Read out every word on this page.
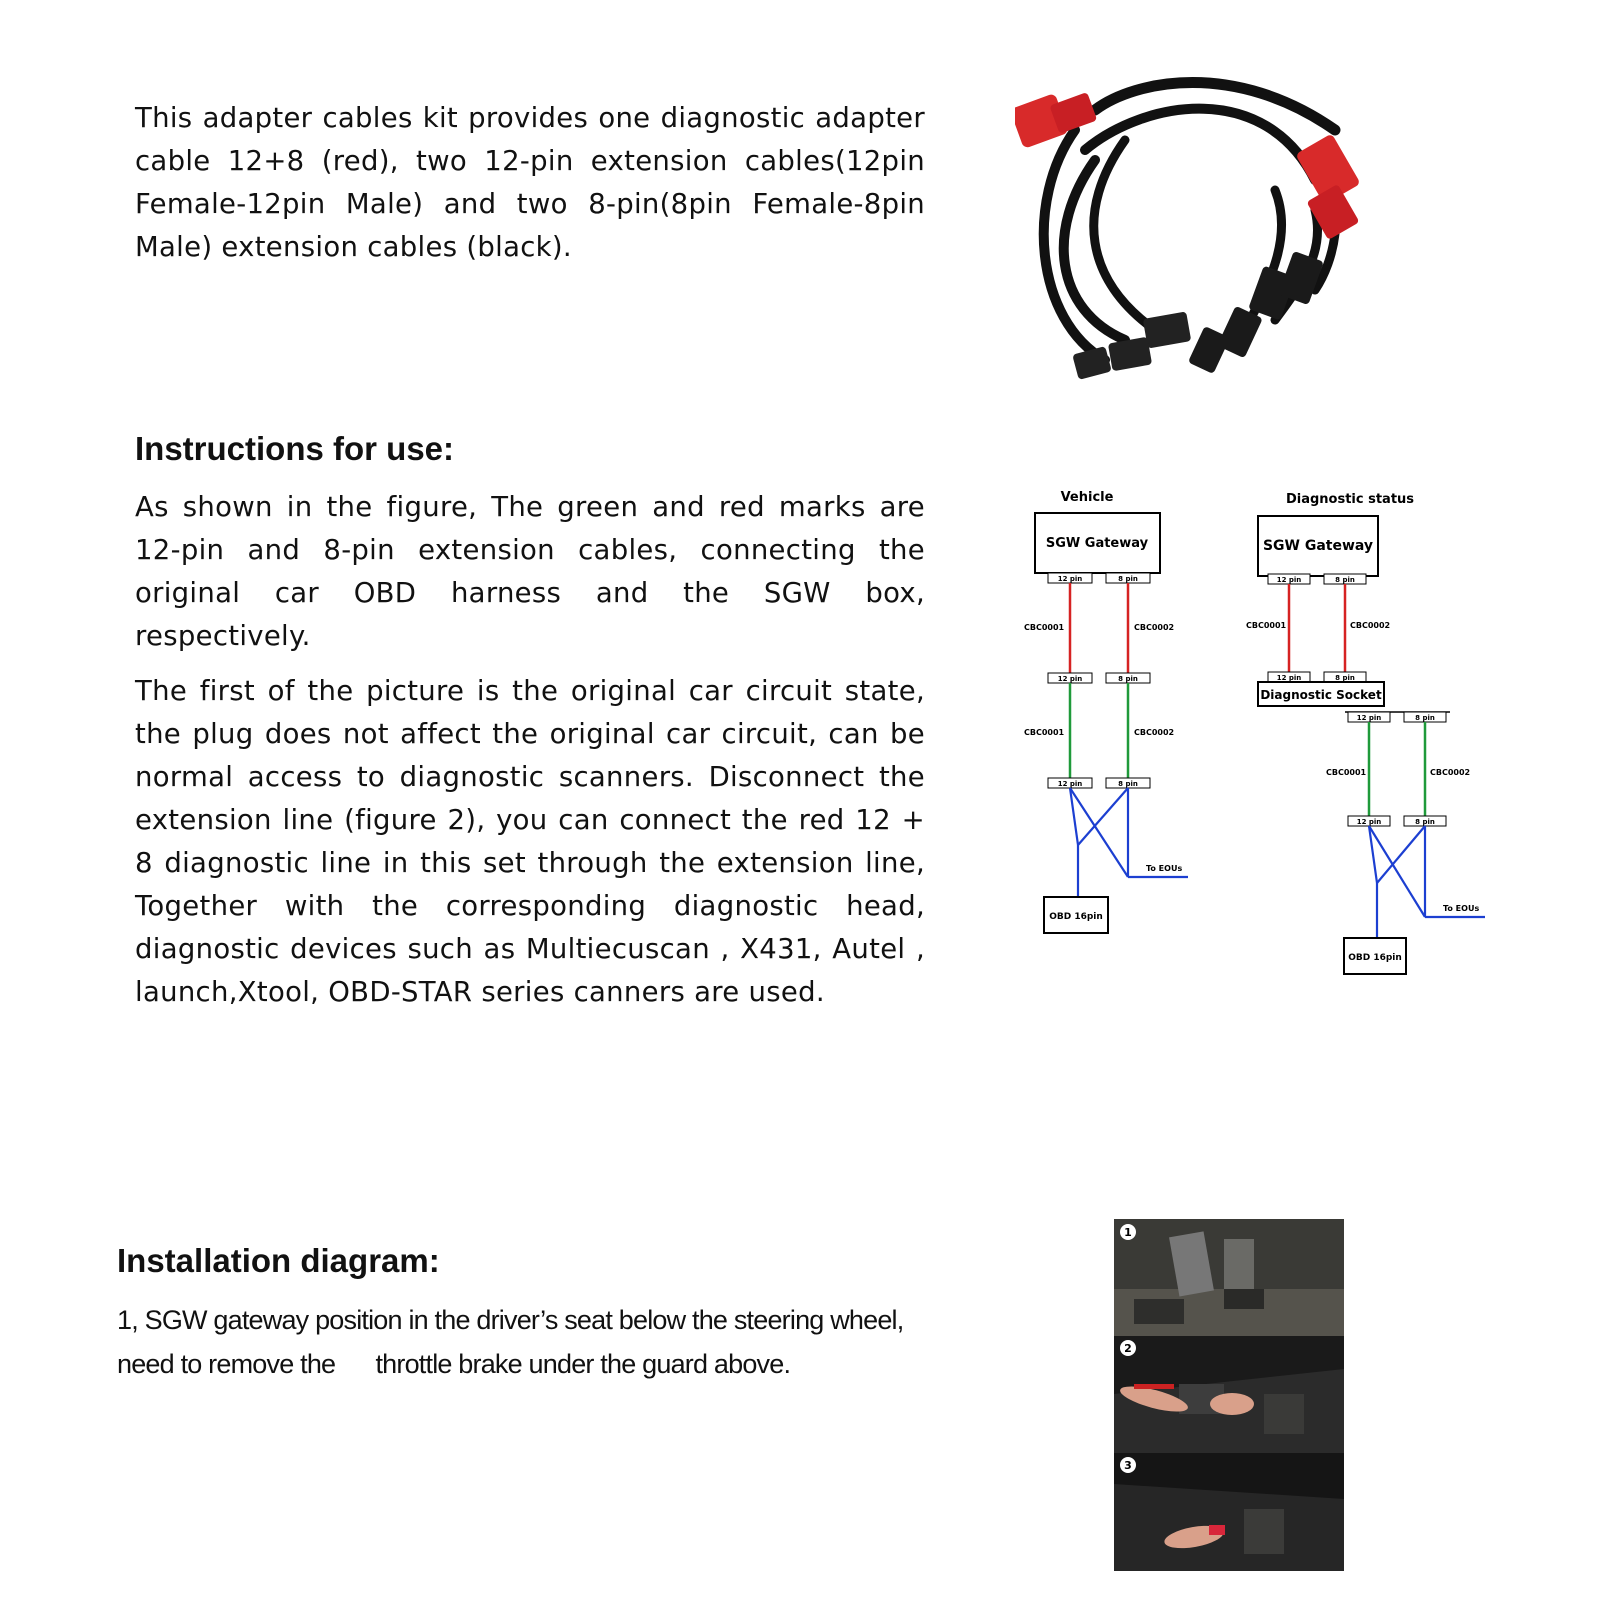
This adapter cables kit provides one diagnostic adapter cable 12+8 (red), two 12-pin extension cables(12pin Female-12pin Male) and two 8-pin(8pin Female-8pin Male) extension cables (black).

Instructions for use:

As shown in the figure, The green and red marks are 12-pin and 8-pin extension cables, connecting the original car OBD harness and the SGW box, respectively.

The first of the picture is the original car circuit state, the plug does not affect the original car circuit, can be normal access to diagnostic scanners. Disconnect the extension line (figure 2), you can connect the red 12 + 8 diagnostic line in this set through the extension line, Together with the corresponding diagnostic head, diagnostic devices such as Multiecuscan , X431, Autel , launch,Xtool, OBD-STAR series canners are used.

Vehicle
SGW Gateway
12 pin	8 pin
CBC0001	CBC0002
12 pin	8 pin
CBC0001	CBC0002
12 pin	8 pin
To EOUs
OBD 16pin
Diagnostic status
SGW Gateway
12 pin	8 pin
CBC0001	CBC0002
12 pin	8 pin
Diagnostic Socket
12 pin	8 pin
CBC0001	CBC0002
12 pin	8 pin
To EOUs
OBD 16pin
Installation diagram:
1, SGW gateway position in the driver’s seat below the steering wheel,
need to remove the      throttle brake under the guard above.
1
2
3
